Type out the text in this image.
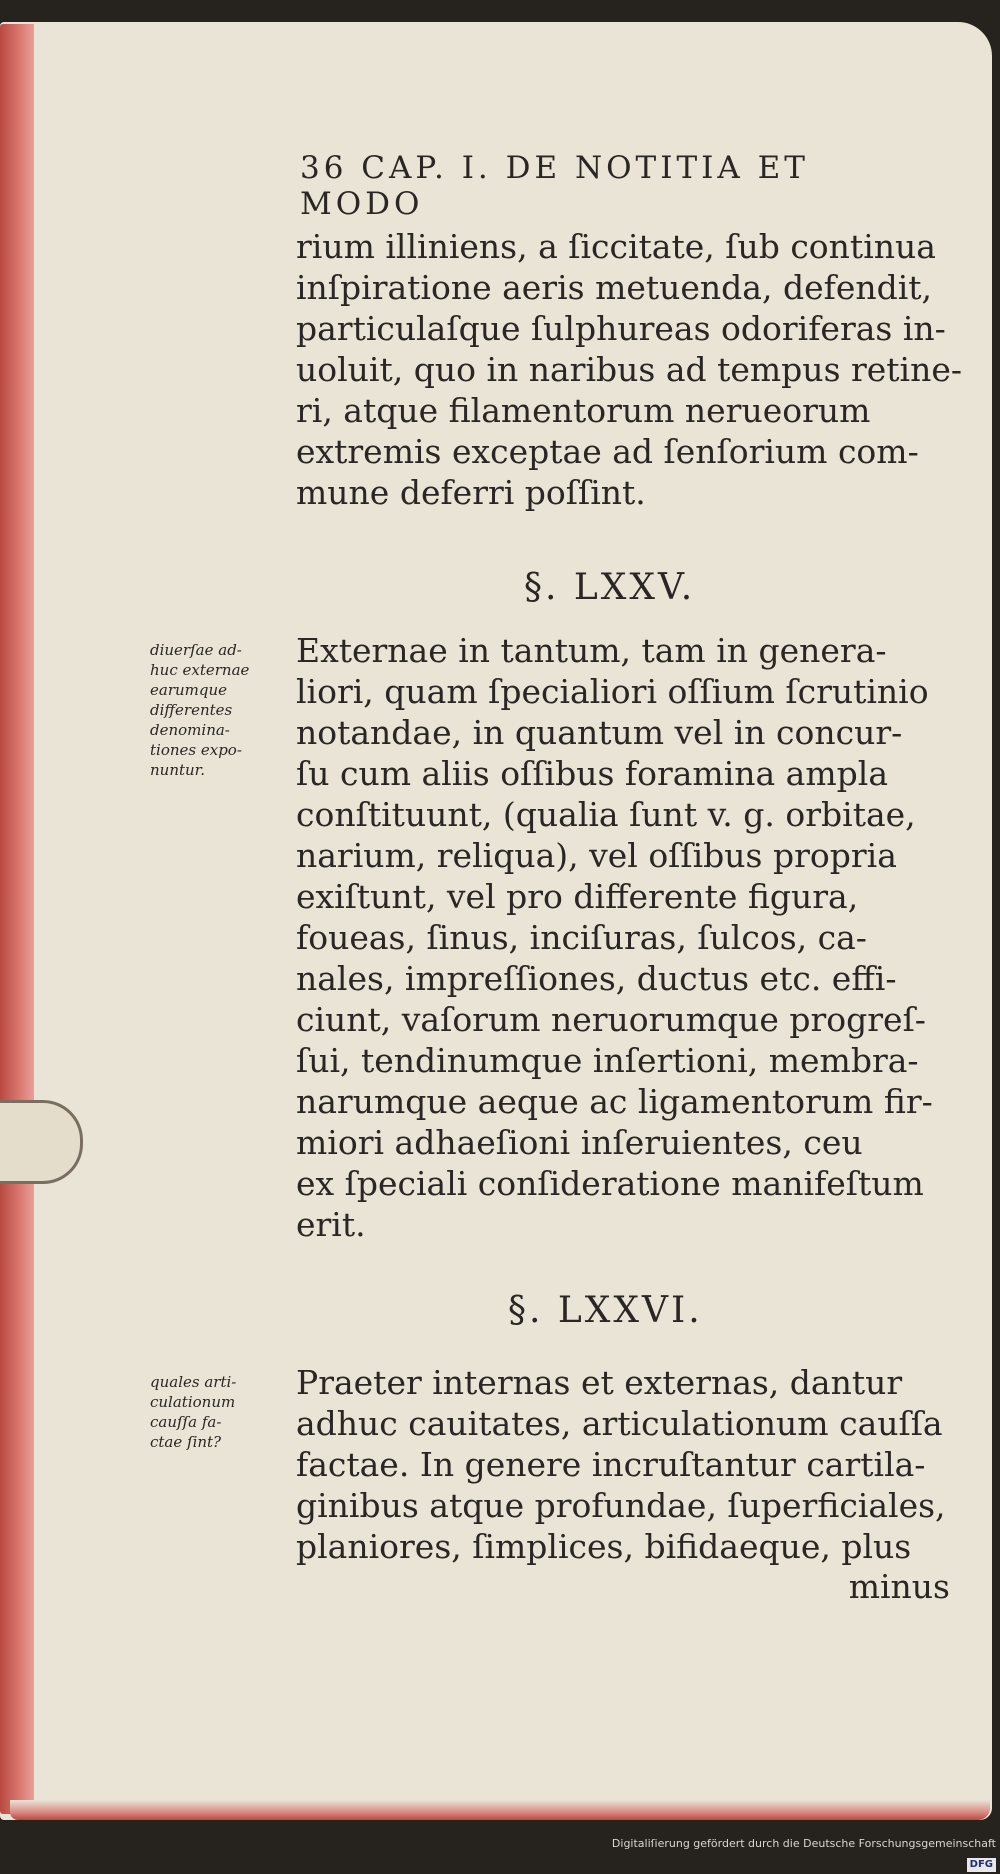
36 CAP. I. DE NOTITIA ET MODO
rium illiniens, a ſiccitate, ſub continua
inſpiratione aeris metuenda, defendit,
particulaſque ſulphureas odoriferas in-
uoluit, quo in naribus ad tempus retine-
ri, atque filamentorum nerueorum
extremis exceptae ad ſenſorium com-
mune deferri poſſint.
§. LXXV.
diuerſae ad-
huc externae
earumque
differentes
denomina-
tiones expo-
nuntur.
Externae in tantum, tam in genera-
liori, quam ſpecialiori oſſium ſcrutinio
notandae, in quantum vel in concur-
ſu cum aliis oſſibus foramina ampla
conſtituunt, (qualia ſunt v. g. orbitae,
narium, reliqua), vel oſſibus propria
exiſtunt, vel pro differente figura,
foueas, ſinus, inciſuras, ſulcos, ca-
nales, impreſſiones, ductus etc. effi-
ciunt, vaſorum neruorumque progreſ-
ſui, tendinumque inſertioni, membra-
narumque aeque ac ligamentorum fir-
miori adhaeſioni inſeruientes, ceu
ex ſpeciali conſideratione manifeſtum
erit.
§. LXXVI.
quales arti-
culationum
cauſſa fa-
ctae ſint?
Praeter internas et externas, dantur
adhuc cauitates, articulationum cauſſa
factae. In genere incruſtantur cartila-
ginibus atque profundae, ſuperficiales,
planiores, ſimplices, bifidaeque, plus
minus
Digitaliſierung gefördert durch die Deutsche Forschungsgemeinschaft DFG
